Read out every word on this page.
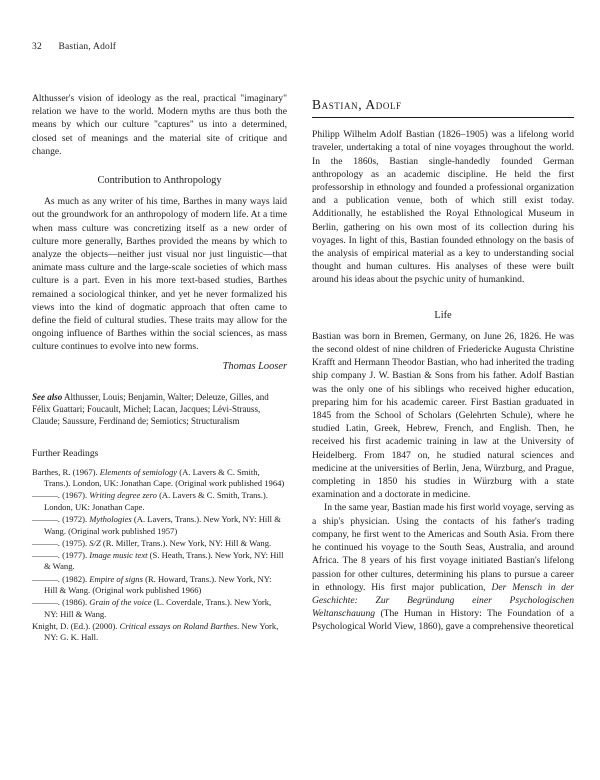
32 Bastian, Adolf

Althusser's vision of ideology as the real, practical "imaginary" relation we have to the world. Modern myths are thus both the means by which our culture "captures" us into a determined, closed set of meanings and the material site of critique and change.

Contribution to Anthropology

As much as any writer of his time, Barthes in many ways laid out the groundwork for an anthropology of modern life. At a time when mass culture was concretizing itself as a new order of culture more generally, Barthes provided the means by which to analyze the objects—neither just visual nor just linguistic—that animate mass culture and the large-scale societies of which mass culture is a part. Even in his more text-based studies, Barthes remained a sociological thinker, and yet he never formalized his views into the kind of dogmatic approach that often came to define the field of cultural studies. These traits may allow for the ongoing influence of Barthes within the social sciences, as mass culture continues to evolve into new forms.

Thomas Looser

See also Althusser, Louis; Benjamin, Walter; Deleuze, Gilles, and Félix Guattari; Foucault, Michel; Lacan, Jacques; Lévi-Strauss, Claude; Saussure, Ferdinand de; Semiotics; Structuralism

Further Readings

Barthes, R. (1967). Elements of semiology (A. Lavers & C. Smith, Trans.). London, UK: Jonathan Cape. (Original work published 1964)

———. (1967). Writing degree zero (A. Lavers & C. Smith, Trans.). London, UK: Jonathan Cape.

———. (1972). Mythologies (A. Lavers, Trans.). New York, NY: Hill & Wang. (Original work published 1957)

———. (1975). S/Z (R. Miller, Trans.). New York, NY: Hill & Wang.

———. (1977). Image music text (S. Heath, Trans.). New York, NY: Hill & Wang.

———. (1982). Empire of signs (R. Howard, Trans.). New York, NY: Hill & Wang. (Original work published 1966)

———. (1986). Grain of the voice (L. Coverdale, Trans.). New York, NY: Hill & Wang.

Knight, D. (Ed.). (2000). Critical essays on Roland Barthes. New York, NY: G. K. Hall.

Bastian, Adolf

Philipp Wilhelm Adolf Bastian (1826–1905) was a lifelong world traveler, undertaking a total of nine voyages throughout the world. In the 1860s, Bastian single-handedly founded German anthropology as an academic discipline. He held the first professorship in ethnology and founded a professional organization and a publication venue, both of which still exist today. Additionally, he established the Royal Ethnological Museum in Berlin, gathering on his own most of its collection during his voyages. In light of this, Bastian founded ethnology on the basis of the analysis of empirical material as a key to understanding social thought and human cultures. His analyses of these were built around his ideas about the psychic unity of humankind.

Life

Bastian was born in Bremen, Germany, on June 26, 1826. He was the second oldest of nine children of Friedericke Augusta Christine Krafft and Hermann Theodor Bastian, who had inherited the trading ship company J. W. Bastian & Sons from his father. Adolf Bastian was the only one of his siblings who received higher education, preparing him for his academic career. First Bastian graduated in 1845 from the School of Scholars (Gelehrten Schule), where he studied Latin, Greek, Hebrew, French, and English. Then, he received his first academic training in law at the University of Heidelberg. From 1847 on, he studied natural sciences and medicine at the universities of Berlin, Jena, Würzburg, and Prague, completing in 1850 his studies in Würzburg with a state examination and a doctorate in medicine.

In the same year, Bastian made his first world voyage, serving as a ship's physician. Using the contacts of his father's trading company, he first went to the Americas and South Asia. From there he continued his voyage to the South Seas, Australia, and around Africa. The 8 years of his first voyage initiated Bastian's lifelong passion for other cultures, determining his plans to pursue a career in ethnology. His first major publication, Der Mensch in der Geschichte: Zur Begründung einer Psychologischen Weltanschauung (The Human in History: The Foundation of a Psychological World View, 1860), gave a comprehensive theoretical
